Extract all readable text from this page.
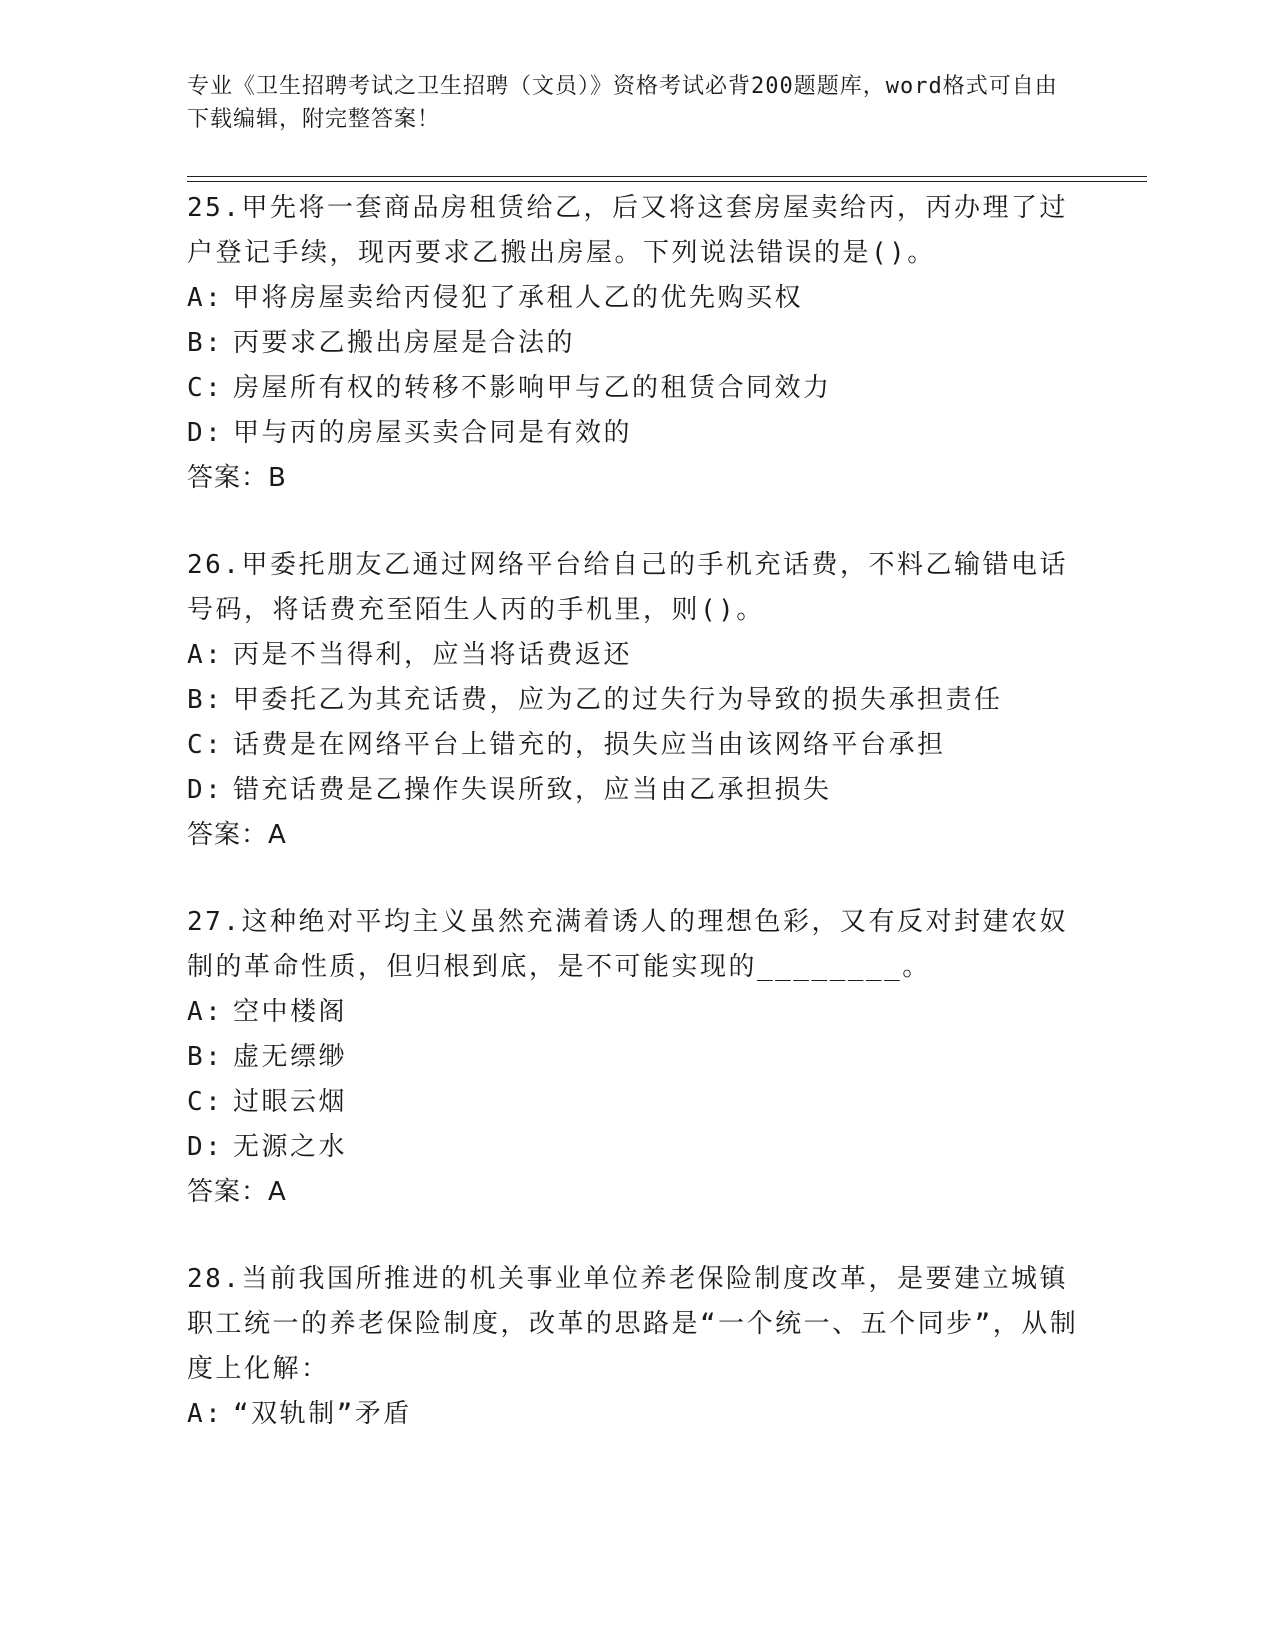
专业《卫生招聘考试之卫生招聘（文员）》资格考试必背200题题库，word格式可自由下载编辑，附完整答案！

25.甲先将一套商品房租赁给乙，后又将这套房屋卖给丙，丙办理了过户登记手续，现丙要求乙搬出房屋。下列说法错误的是()。

A: 甲将房屋卖给丙侵犯了承租人乙的优先购买权

B: 丙要求乙搬出房屋是合法的

C: 房屋所有权的转移不影响甲与乙的租赁合同效力

D: 甲与丙的房屋买卖合同是有效的

答案：B

26.甲委托朋友乙通过网络平台给自己的手机充话费，不料乙输错电话号码，将话费充至陌生人丙的手机里，则()。

A: 丙是不当得利，应当将话费返还

B: 甲委托乙为其充话费，应为乙的过失行为导致的损失承担责任

C: 话费是在网络平台上错充的，损失应当由该网络平台承担

D: 错充话费是乙操作失误所致，应当由乙承担损失

答案：A

27.这种绝对平均主义虽然充满着诱人的理想色彩，又有反对封建农奴制的革命性质，但归根到底，是不可能实现的________。

A: 空中楼阁

B: 虚无缥缈

C: 过眼云烟

D: 无源之水

答案：A

28.当前我国所推进的机关事业单位养老保险制度改革，是要建立城镇职工统一的养老保险制度，改革的思路是“一个统一、五个同步”，从制度上化解：

A: “双轨制”矛盾
